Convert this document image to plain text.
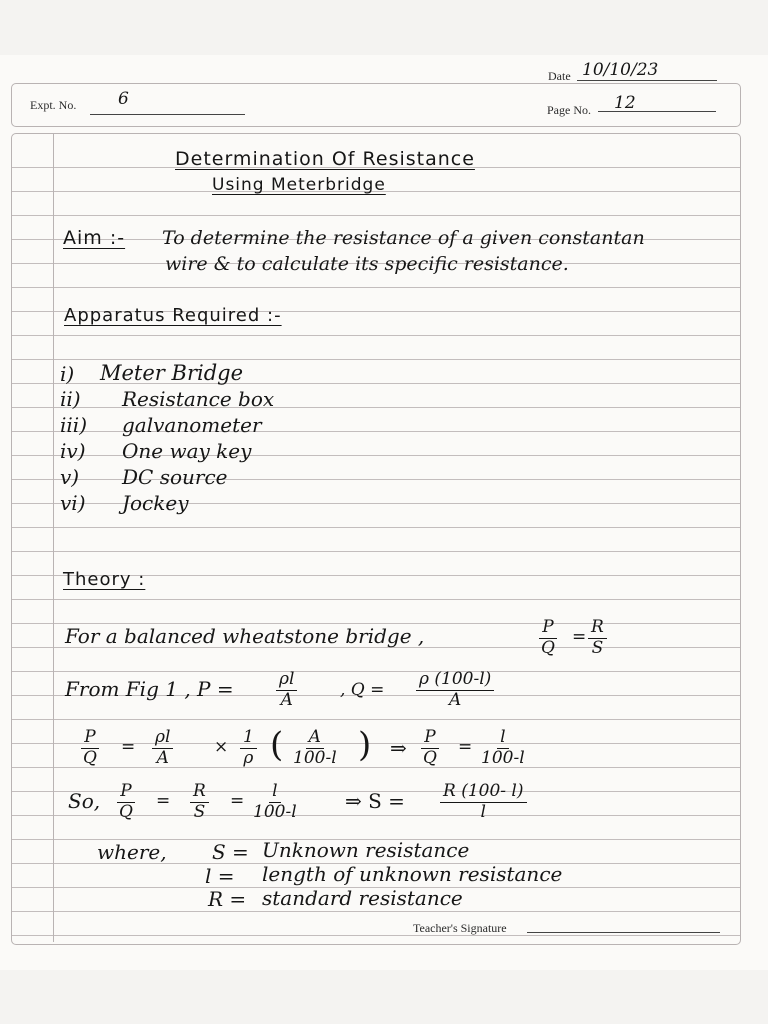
Date 10/10/23
Expt. No. 6
Page No. 12
Determination Of Resistance
Using Meterbridge
Aim :- To determine the resistance of a given constantan
wire & to calculate its specific resistance.
Apparatus Required :-
i) Meter Bridge
ii) Resistance box
iii) galvanometer
iv) One way key
v) DC source
vi) Jockey
Theory :
For a balanced wheatstone bridge ,	$\frac{P}{Q} = \frac{R}{S}$
From Fig 1 , $P = \frac{\rho l}{A}$	, $Q = \frac{\rho (100-l)}{A}$
$\frac{P}{Q} = \frac{\rho l}{A} \times \frac{1}{\rho}$ ( $\frac{A}{100-l}$ ) ⇒ $\frac{P}{Q} = \frac{l}{100-l}$
So, $\frac{P}{Q} = \frac{R}{S} = \frac{l}{100-l}$ ⇒ $S = \frac{R (100- l)}{l}$
where, S = Unknown resistance
l = length of unknown resistance
R = standard resistance
Teacher's Signature
